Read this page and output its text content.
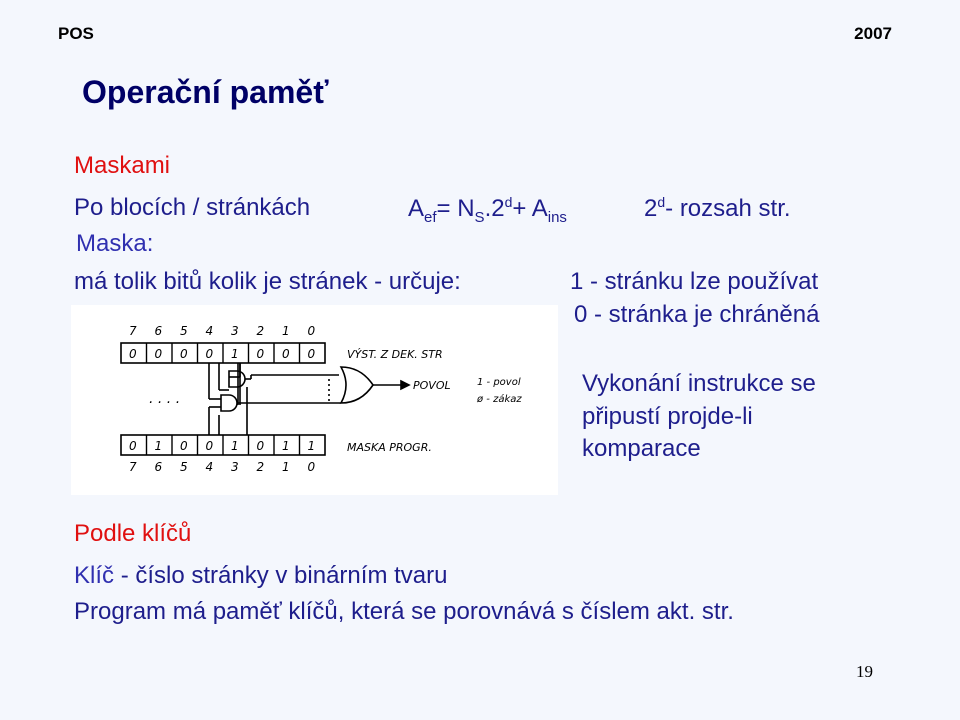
POS	2007
Operační paměť
Maskami
Po blocích / stránkách	$A_{ef}= N_S.2^d+ A_{ins}$	2$^d$- rozsah str.
Maska:
má tolik bitů kolik je stránek - určuje:	1 - stránku lze používat
0 - stránka je chráněná
7 6 5 4 3 2 1 0
0 0 0 0 1 0 0 0	VÝST. Z DEK. STR
. . . .
POVOL	1 - povol
ø - zákaz
0 1 0 0 1 0 1 1
7 6 5 4 3 2 1 0
MASKA PROGR.
Vykonání instrukce se
připustí projde-li
komparace
Podle klíčů
Klíč - číslo stránky v binárním tvaru
Program má paměť klíčů, která se porovnává s číslem akt. str.
19
